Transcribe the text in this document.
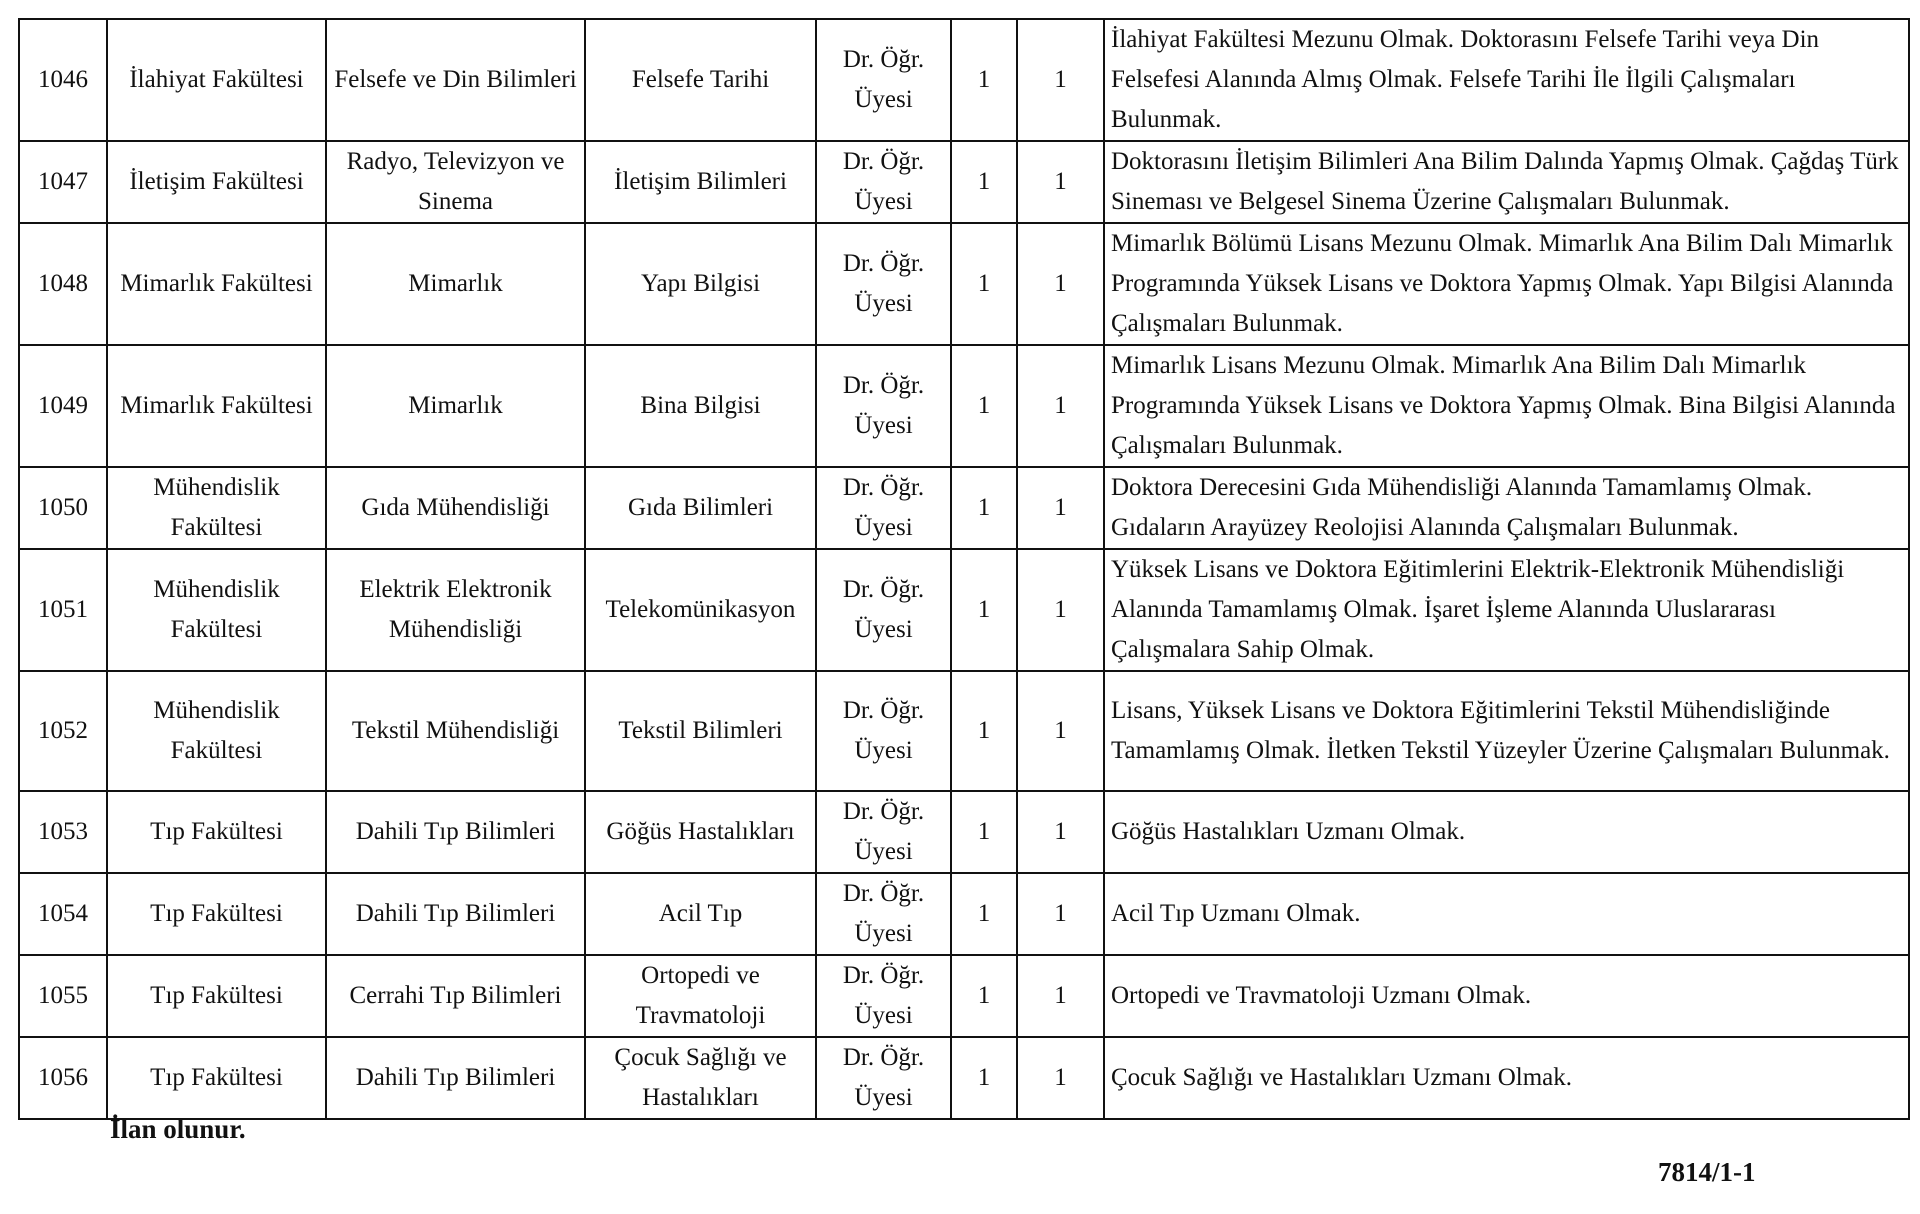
1046	İlahiyat Fakültesi	Felsefe ve Din Bilimleri	Felsefe Tarihi	Dr. Öğr. Üyesi	1	1	İlahiyat Fakültesi Mezunu Olmak. Doktorasını Felsefe Tarihi veya Din Felsefesi Alanında Almış Olmak. Felsefe Tarihi İle İlgili Çalışmaları Bulunmak.
1047	İletişim Fakültesi	Radyo, Televizyon ve Sinema	İletişim Bilimleri	Dr. Öğr. Üyesi	1	1	Doktorasını İletişim Bilimleri Ana Bilim Dalında Yapmış Olmak. Çağdaş Türk Sineması ve Belgesel Sinema Üzerine Çalışmaları Bulunmak.
1048	Mimarlık Fakültesi	Mimarlık	Yapı Bilgisi	Dr. Öğr. Üyesi	1	1	Mimarlık Bölümü Lisans Mezunu Olmak. Mimarlık Ana Bilim Dalı Mimarlık Programında Yüksek Lisans ve Doktora Yapmış Olmak. Yapı Bilgisi Alanında Çalışmaları Bulunmak.
1049	Mimarlık Fakültesi	Mimarlık	Bina Bilgisi	Dr. Öğr. Üyesi	1	1	Mimarlık Lisans Mezunu Olmak. Mimarlık Ana Bilim Dalı Mimarlık Programında Yüksek Lisans ve Doktora Yapmış Olmak. Bina Bilgisi Alanında Çalışmaları Bulunmak.
1050	Mühendislik Fakültesi	Gıda Mühendisliği	Gıda Bilimleri	Dr. Öğr. Üyesi	1	1	Doktora Derecesini Gıda Mühendisliği Alanında Tamamlamış Olmak. Gıdaların Arayüzey Reolojisi Alanında Çalışmaları Bulunmak.
1051	Mühendislik Fakültesi	Elektrik Elektronik Mühendisliği	Telekomünikasyon	Dr. Öğr. Üyesi	1	1	Yüksek Lisans ve Doktora Eğitimlerini Elektrik-Elektronik Mühendisliği Alanında Tamamlamış Olmak. İşaret İşleme Alanında Uluslararası Çalışmalara Sahip Olmak.
1052	Mühendislik Fakültesi	Tekstil Mühendisliği	Tekstil Bilimleri	Dr. Öğr. Üyesi	1	1	Lisans, Yüksek Lisans ve Doktora Eğitimlerini Tekstil Mühendisliğinde Tamamlamış Olmak. İletken Tekstil Yüzeyler Üzerine Çalışmaları Bulunmak.
1053	Tıp Fakültesi	Dahili Tıp Bilimleri	Göğüs Hastalıkları	Dr. Öğr. Üyesi	1	1	Göğüs Hastalıkları Uzmanı Olmak.
1054	Tıp Fakültesi	Dahili Tıp Bilimleri	Acil Tıp	Dr. Öğr. Üyesi	1	1	Acil Tıp Uzmanı Olmak.
1055	Tıp Fakültesi	Cerrahi Tıp Bilimleri	Ortopedi ve Travmatoloji	Dr. Öğr. Üyesi	1	1	Ortopedi ve Travmatoloji Uzmanı Olmak.
1056	Tıp Fakültesi	Dahili Tıp Bilimleri	Çocuk Sağlığı ve Hastalıkları	Dr. Öğr. Üyesi	1	1	Çocuk Sağlığı ve Hastalıkları Uzmanı Olmak.
İlan olunur.
7814/1-1
